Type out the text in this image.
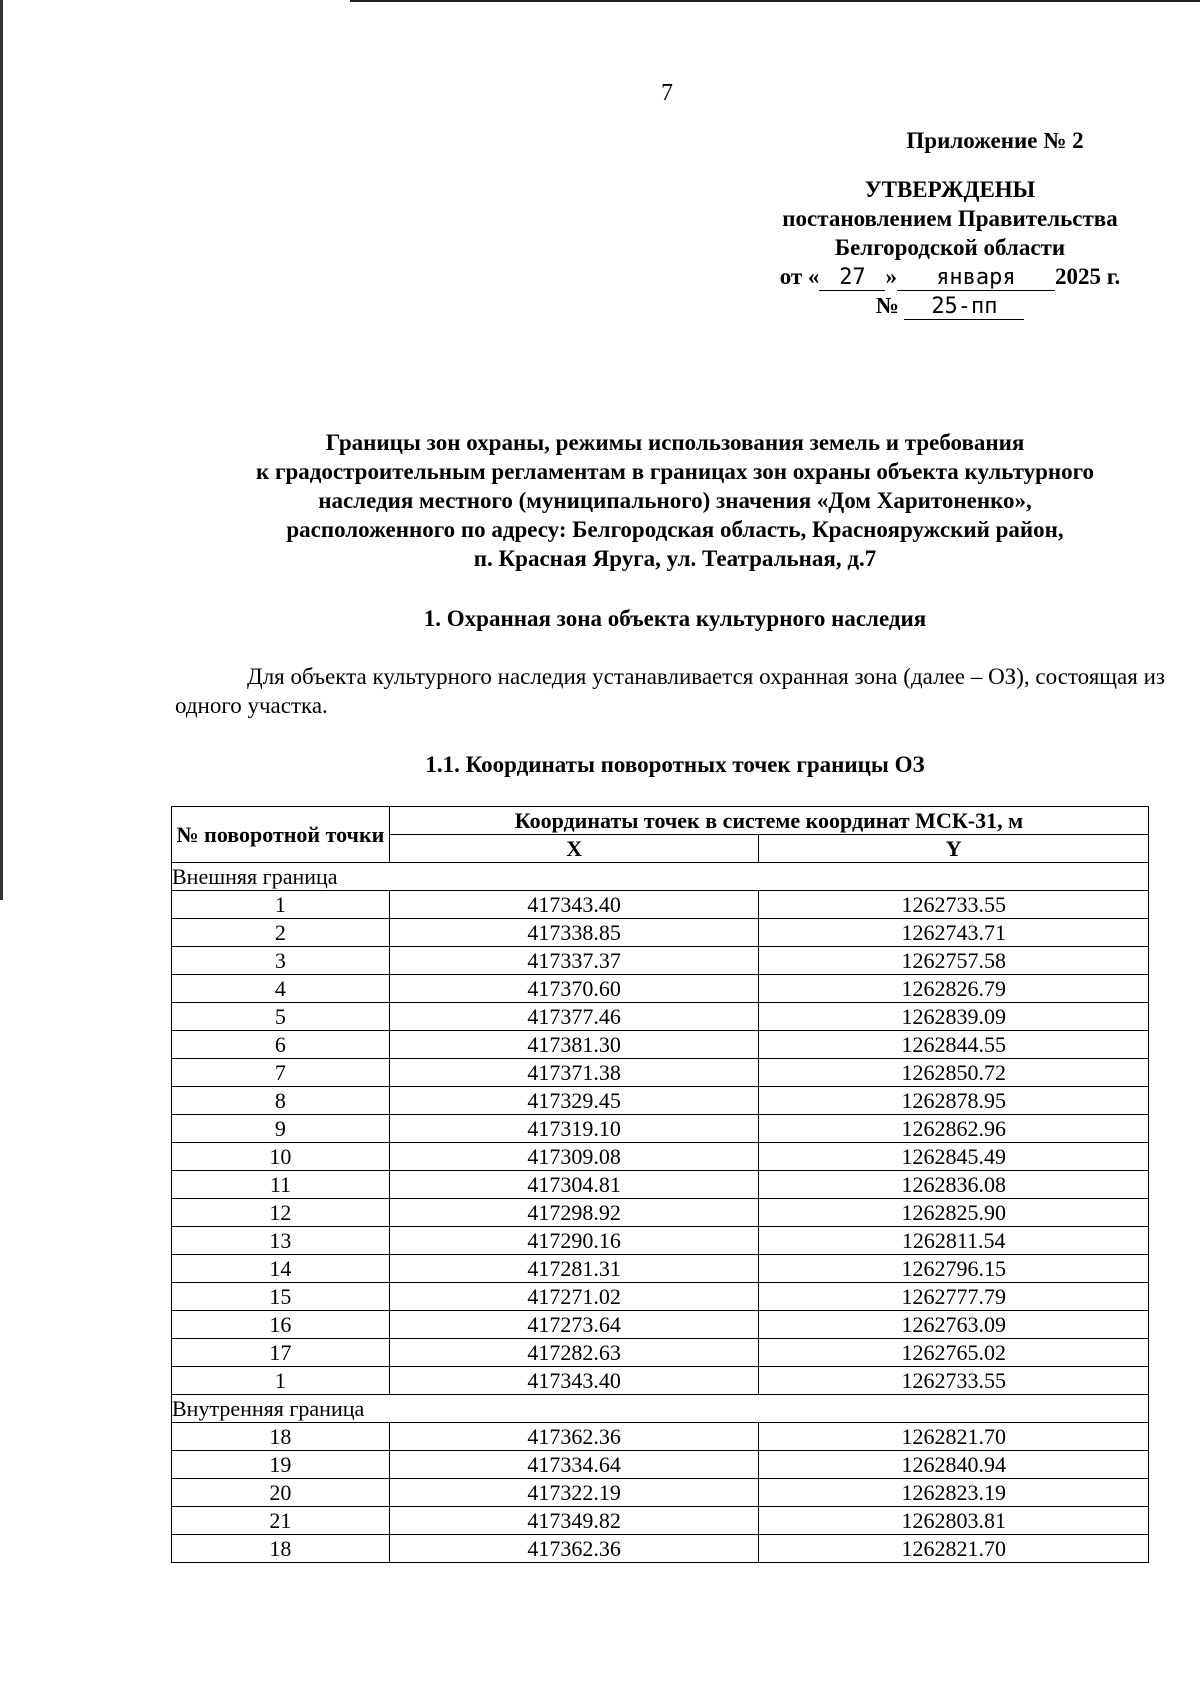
7
Приложение № 2
УТВЕРЖДЕНЫ
постановлением Правительства
Белгородской области
от « 27 » января 2025 г.
№ 25-пп
Границы зон охраны, режимы использования земель и требования
к градостроительным регламентам в границах зон охраны объекта культурного
наследия местного (муниципального) значения «Дом Харитоненко»,
расположенного по адресу: Белгородская область, Краснояружский район,
п. Красная Яруга, ул. Театральная, д.7
1. Охранная зона объекта культурного наследия
Для объекта культурного наследия устанавливается охранная зона (далее – ОЗ), состоящая из одного участка.
1.1. Координаты поворотных точек границы ОЗ
№ поворотной точки	Координаты точек в системе координат МСК-31, м	
	X	Y
Внешняя граница		
1	417343.40	1262733.55
2	417338.85	1262743.71
3	417337.37	1262757.58
4	417370.60	1262826.79
5	417377.46	1262839.09
6	417381.30	1262844.55
7	417371.38	1262850.72
8	417329.45	1262878.95
9	417319.10	1262862.96
10	417309.08	1262845.49
11	417304.81	1262836.08
12	417298.92	1262825.90
13	417290.16	1262811.54
14	417281.31	1262796.15
15	417271.02	1262777.79
16	417273.64	1262763.09
17	417282.63	1262765.02
1	417343.40	1262733.55
Внутренняя граница		
18	417362.36	1262821.70
19	417334.64	1262840.94
20	417322.19	1262823.19
21	417349.82	1262803.81
18	417362.36	1262821.70
